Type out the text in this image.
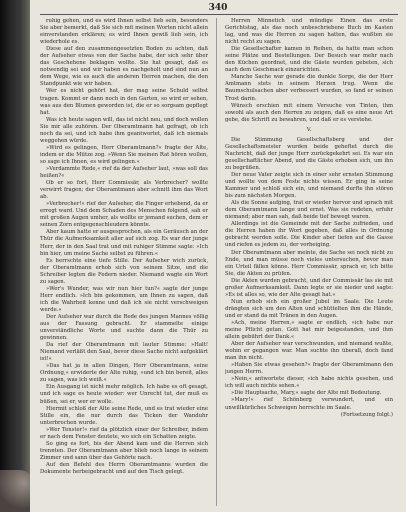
340

ruhig gehen, und es wird Ihnen selbst lieb sein, besonders Sie aber bemerkt, daß Sie sich mit meinen Worten nicht allein einverstanden erklären; es wird Ihnen gewiß lieb sein, ich wiederhole es.

Diese auf den zusammengesetzten Boden zu achten, daß der Aufseher etwas von der Sache habe, der sich sehr über das Geschehene beklagen wollte. Sie hat gesagt, daß es notwendig sei und wir haben es nachgeholt und sind nun an dem Wege, wie es auch die anderen Herren machen, die den Standpunkt wie wir haben.

Wer es nicht gehört hat, der mag seine Schuld selbst tragen. Kommt er dann noch in den Garten, so wird er sehen, was aus den Blumen geworden ist, die er so sorgsam gepflegt hat.

Was ich heute sagen will, das ist nicht neu, und doch wollen Sie mir alle zuhören. Der Oberamtmann hat gefragt, ob ich noch da sei, und ich habe ihm geantwortet, daß ich niemals weggehen würde.

»Wird es gelingen, Herr Oberamtmann?« fragte der Alte, indem er die Mütze zog. »Wenn Sie meinen Rat hören wollen, so sage ich Ihnen, es wird gelingen.«

»Verdammte Rede,« rief da der Aufseher laut, »was soll das heißen?«

Ob er so fort, Herr Commissär, als Verbrecher? wollte verwirrt fragen; der Oberamtmann aber schnitt ihm das Wort ab.

»Verbrecher!« rief der Aufseher, die Finger erhebend, da er erregt ward. Und dem Schaden des Menschen folgend, sah er mit großen Augen umher, als wollte er jemand suchen, dem er seinen Zorn entgegenschleudern könnte.

Aber kaum hatte er ausgesprochen, als ein Geräusch an der Thür die Aufmerksamkeit aller auf sich zog. Es war der junge Herr, der in den Saal trat und mit ruhiger Stimme sagte: »Ich bin hier, um meine Sache selbst zu führen.«

Es herrschte eine tiefe Stille. Der Aufseher wich zurück, der Oberamtmann erhob sich von seinem Sitze, und die Schreiber legten die Federn nieder. Niemand wagte ein Wort zu sagen.

»Wer's Wunder, was wir nun hier tun?« sagte der junge Herr endlich. »Ich bin gekommen, um Ihnen zu sagen, daß ich die Wahrheit kenne und daß ich sie nicht verschweigen werde.«

Der Aufseher war durch die Rede des jungen Mannes völlig aus der Fassung gebracht. Er stammelte einige unverständliche Worte und suchte dann die Thür zu gewinnen.

Da rief der Oberamtmann mit lauter Stimme: »Halt! Niemand verläßt den Saal, bevor diese Sache nicht aufgeklärt ist!«

»Das hat ja in allen Dingen, Herr Oberamtmann, seine Ordnung,« erwiderte der Alte ruhig, »und ich bin bereit, alles zu sagen, was ich weiß.«

Ein Ausgang ist nicht mehr möglich. Ich habe es oft gesagt, und ich sage es heute wieder: wer Unrecht tut, der muß es büßen, sei er, wer er wolle.

Hiermit schloß der Alte seine Rede, und es trat wieder eine Stille ein, die nur durch das Ticken der Wanduhr unterbrochen wurde.

»Wer Tenster!« rief da plötzlich einer der Schreiber, indem er nach dem Fenster deutete, wo sich ein Schatten zeigte.

So ging es fort, bis der Abend kam und die Herren sich trennten. Der Oberamtmann aber blieb noch lange in seinem Zimmer und sann über das Gehörte nach.

Auf den Befehl des Herrn Oberamtmanns wurden die Dokumente herbeigebracht und auf den Tisch gelegt.

Herren Minnetich und mündige Einen das erste Gerichtstag, als das noch unbeschriebene Buch im Kasten lag, und was die Herren zu sagen hatten, das wußten sie nicht recht zu sagen.

Die Gesellschafter kamen in Reihen, da hatte man schon seine Plätze und Bestellungen. Der Besuch war mehr nach den Küchen geordnet, und die Gäste wurden gebeten, sich nach dem Geschmack einzurichten.

Manche Sache war gerade die dunkle Sorge, die der Herr Amtmann stets in seinem Herzen trug. Wenn die Baumschulsachen aber verbessert wurden, so fand er seinen Trost darin.

Wünsch erschien mit einem Versuche von Tinten, ihm sowohl als auch den Herren zu zeigen, daß es eine neue Art gebe, die Schrift zu bewahren, und daß er es verstehe.

V.

Die Stimmung Gesellschaftsberg und der Gesellschaftsmeister wurden beide geheftet durch die Nachricht, daß der junge Herr zurückgekehrt sei. Es war ein gesellschaftlicher Abend, und die Gäste erhoben sich, um ihn zu begrüßen.

Der neue Vater zeigte sich in einer sehr ernsten Stimmung und wollte von dem Feste nichts wissen. Er ging in seine Kammer und schloß sich ein, und niemand durfte ihn stören bis zum nächsten Morgen.

Als die Sonne aufging, trat er wieder hervor und sprach mit dem Oberamtmann lange und ernst. Was sie redeten, erfuhr niemand; aber man sah, daß beide tief bewegt waren.

Allerdings ist die Gemeinde mit der Sache zufrieden, und die Herren haben ihr Wort gegeben, daß alles in Ordnung gebracht werden solle. Die Kinder aber liefen auf die Gasse und riefen es jedem zu, der vorbeiging.

Der Oberamtmann aber meinte, die Sache sei noch nicht zu Ende, und man müsse noch vieles untersuchen, bevor man ein Urteil fällen könne. Herr Commissär, sprach er, ich bitte Sie, die Akten zu prüfen.

Die Akten wurden gebracht, und der Commissär las sie mit großer Aufmerksamkeit. Dann legte er sie nieder und sagte: »Es ist alles so, wie der Alte gesagt hat.«

Nun erhob sich ein großer Jubel im Saale. Die Leute drängten sich um den Alten und schüttelten ihm die Hände, und er stand da mit Tränen in den Augen.

»Ach, meine Herren,« sagte er endlich, »ich habe nur meine Pflicht getan. Gott hat mir beigestanden, und ihm allein gebührt der Dank.«

Aber der Aufseher war verschwunden, und niemand wußte, wohin er gegangen war. Man suchte ihn überall, doch fand man ihn nicht.

»Haben Sie etwas gesehen?« fragte der Oberamtmann den jungen Herrn.

»Nein,« antwortete dieser, »ich habe nichts gesehen, und ich will auch nichts sehen.«

»Die Hauptsache, Mary,« sagte der Alte mit Bedeutung.

»Mary!« rief Schönberg verwundert, und ein unwillkürliches Schweigen herrschte im Saale.

(Fortsetzung folgt.)
